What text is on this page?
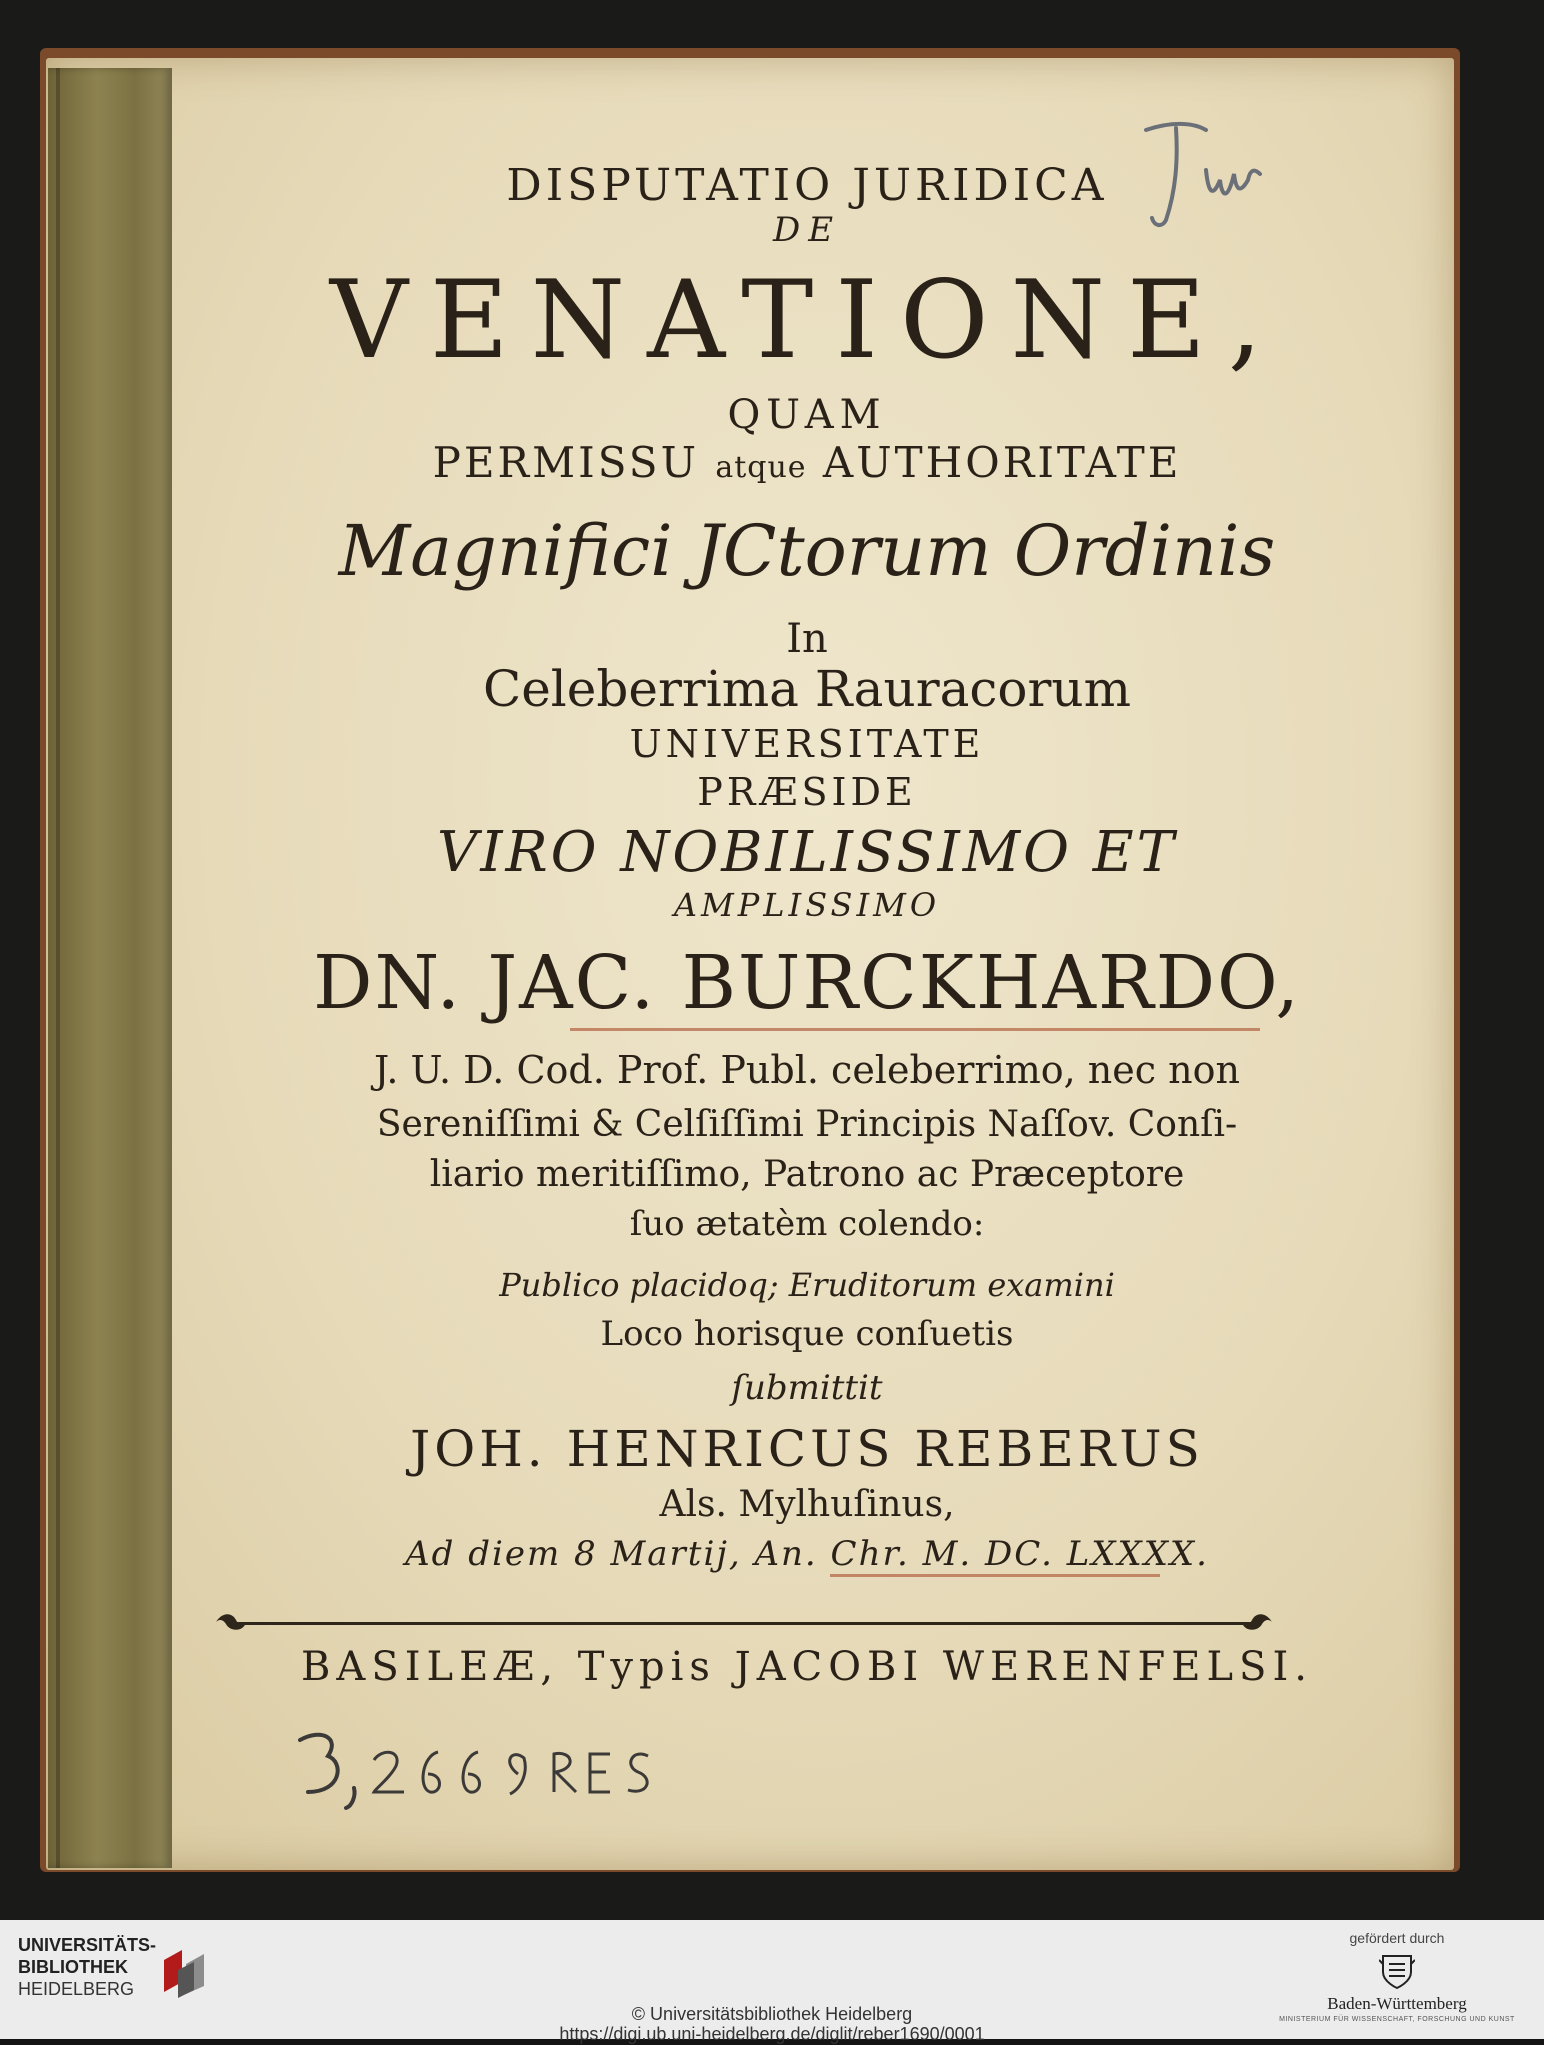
DISPUTATIO JURIDICA
DE
VENATIONE,
QUAM
PERMISSU atque AUTHORITATE
Magnifici JCtorum Ordinis
In
Celeberrima Rauracorum
UNIVERSITATE
PRÆSIDE
VIRO NOBILISSIMO ET
AMPLISSIMO
DN. JAC. BURCKHARDO,
J. U. D. Cod. Prof. Publ. celeberrimo, nec non
Sereniſſimi & Celſiſſimi Principis Naſſov. Conſi-
liario meritiſſimo, Patrono ac Præceptore
ſuo ætatèm colendo:
Publico placidoq; Eruditorum examini
Loco horisque conſuetis
ſubmittit
JOH. HENRICUS REBERUS
Als. Mylhuſinus,
Ad diem 8 Martij, An. Chr. M. DC. LXXXX.
BASILEÆ, Typis JACOBI WERENFELSI.
UNIVERSITÄTS-
BIBLIOTHEK
HEIDELBERG
© Universitätsbibliothek Heidelberg
https://digi.ub.uni-heidelberg.de/diglit/reber1690/0001
gefördert durch
Baden-Württemberg
MINISTERIUM FÜR WISSENSCHAFT, FORSCHUNG UND KUNST
